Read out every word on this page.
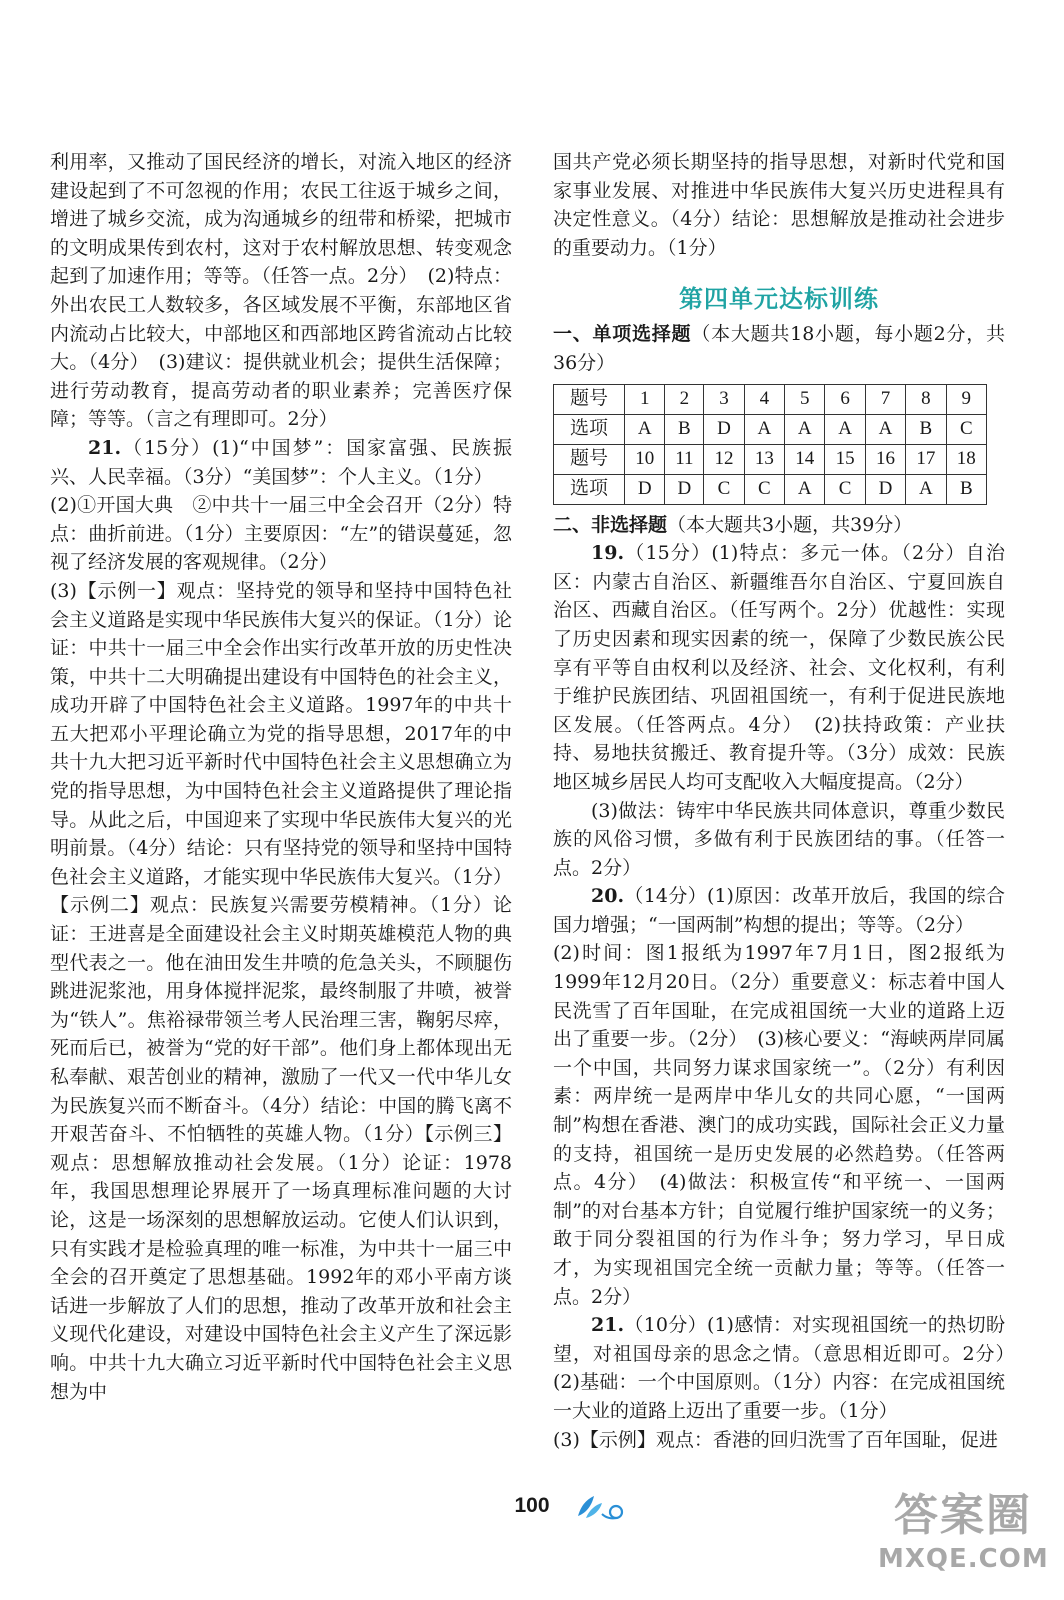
利用率，又推动了国民经济的增长，对流入地区的经济建设起到了不可忽视的作用；农民工往返于城乡之间，增进了城乡交流，成为沟通城乡的纽带和桥梁，把城市的文明成果传到农村，这对于农村解放思想、转变观念起到了加速作用；等等。（任答一点。2分）　(2)特点：外出农民工人数较多，各区域发展不平衡，东部地区省内流动占比较大，中部地区和西部地区跨省流动占比较大。（4分）　(3)建议：提供就业机会；提供生活保障；进行劳动教育，提高劳动者的职业素养；完善医疗保障；等等。（言之有理即可。2分）

21.（15分）(1)“中国梦”：国家富强、民族振兴、人民幸福。（3分）“美国梦”：个人主义。（1分）

(2)①开国大典　②中共十一届三中全会召开（2分）特点：曲折前进。（1分）主要原因：“左”的错误蔓延，忽视了经济发展的客观规律。（2分）

(3)【示例一】观点：坚持党的领导和坚持中国特色社会主义道路是实现中华民族伟大复兴的保证。（1分）论证：中共十一届三中全会作出实行改革开放的历史性决策，中共十二大明确提出建设有中国特色的社会主义，成功开辟了中国特色社会主义道路。1997年的中共十五大把邓小平理论确立为党的指导思想，2017年的中共十九大把习近平新时代中国特色社会主义思想确立为党的指导思想，为中国特色社会主义道路提供了理论指导。从此之后，中国迎来了实现中华民族伟大复兴的光明前景。（4分）结论：只有坚持党的领导和坚持中国特色社会主义道路，才能实现中华民族伟大复兴。（1分）【示例二】观点：民族复兴需要劳模精神。（1分）论证：王进喜是全面建设社会主义时期英雄模范人物的典型代表之一。他在油田发生井喷的危急关头，不顾腿伤跳进泥浆池，用身体搅拌泥浆，最终制服了井喷，被誉为“铁人”。焦裕禄带领兰考人民治理三害，鞠躬尽瘁，死而后已，被誉为“党的好干部”。他们身上都体现出无私奉献、艰苦创业的精神，激励了一代又一代中华儿女为民族复兴而不断奋斗。（4分）结论：中国的腾飞离不开艰苦奋斗、不怕牺牲的英雄人物。（1分）【示例三】观点：思想解放推动社会发展。（1分）论证：1978年，我国思想理论界展开了一场真理标准问题的大讨论，这是一场深刻的思想解放运动。它使人们认识到，只有实践才是检验真理的唯一标准，为中共十一届三中全会的召开奠定了思想基础。1992年的邓小平南方谈话进一步解放了人们的思想，推动了改革开放和社会主义现代化建设，对建设中国特色社会主义产生了深远影响。中共十九大确立习近平新时代中国特色社会主义思想为中

国共产党必须长期坚持的指导思想，对新时代党和国家事业发展、对推进中华民族伟大复兴历史进程具有决定性意义。（4分）结论：思想解放是推动社会进步的重要动力。（1分）

第四单元达标训练

一、单项选择题（本大题共18小题，每小题2分，共36分）

题号	1	2	3	4	5	6	7	8	9
选项	A	B	D	A	A	A	A	B	C
题号	10	11	12	13	14	15	16	17	18
选项	D	D	C	C	A	C	D	A	B

二、非选择题（本大题共3小题，共39分）

19.（15分）(1)特点：多元一体。（2分）自治区：内蒙古自治区、新疆维吾尔自治区、宁夏回族自治区、西藏自治区。（任写两个。2分）优越性：实现了历史因素和现实因素的统一，保障了少数民族公民享有平等自由权利以及经济、社会、文化权利，有利于维护民族团结、巩固祖国统一，有利于促进民族地区发展。（任答两点。4分）　(2)扶持政策：产业扶持、易地扶贫搬迁、教育提升等。（3分）成效：民族地区城乡居民人均可支配收入大幅度提高。（2分）

(3)做法：铸牢中华民族共同体意识，尊重少数民族的风俗习惯，多做有利于民族团结的事。（任答一点。2分）

20.（14分）(1)原因：改革开放后，我国的综合国力增强；“一国两制”构想的提出；等等。（2分）

(2)时间：图1报纸为1997年7月1日，图2报纸为1999年12月20日。（2分）重要意义：标志着中国人民洗雪了百年国耻，在完成祖国统一大业的道路上迈出了重要一步。（2分）　(3)核心要义：“海峡两岸同属一个中国，共同努力谋求国家统一”。（2分）有利因素：两岸统一是两岸中华儿女的共同心愿，“一国两制”构想在香港、澳门的成功实践，国际社会正义力量的支持，祖国统一是历史发展的必然趋势。（任答两点。4分）　(4)做法：积极宣传“和平统一、一国两制”的对台基本方针；自觉履行维护国家统一的义务；敢于同分裂祖国的行为作斗争；努力学习，早日成才，为实现祖国完全统一贡献力量；等等。（任答一点。2分）

21.（10分）(1)感情：对实现祖国统一的热切盼望，对祖国母亲的思念之情。（意思相近即可。2分）　(2)基础：一个中国原则。（1分）内容：在完成祖国统一大业的道路上迈出了重要一步。（1分）

(3)【示例】观点：香港的回归洗雪了百年国耻，促进

100	答案圈
MXQE.COM
